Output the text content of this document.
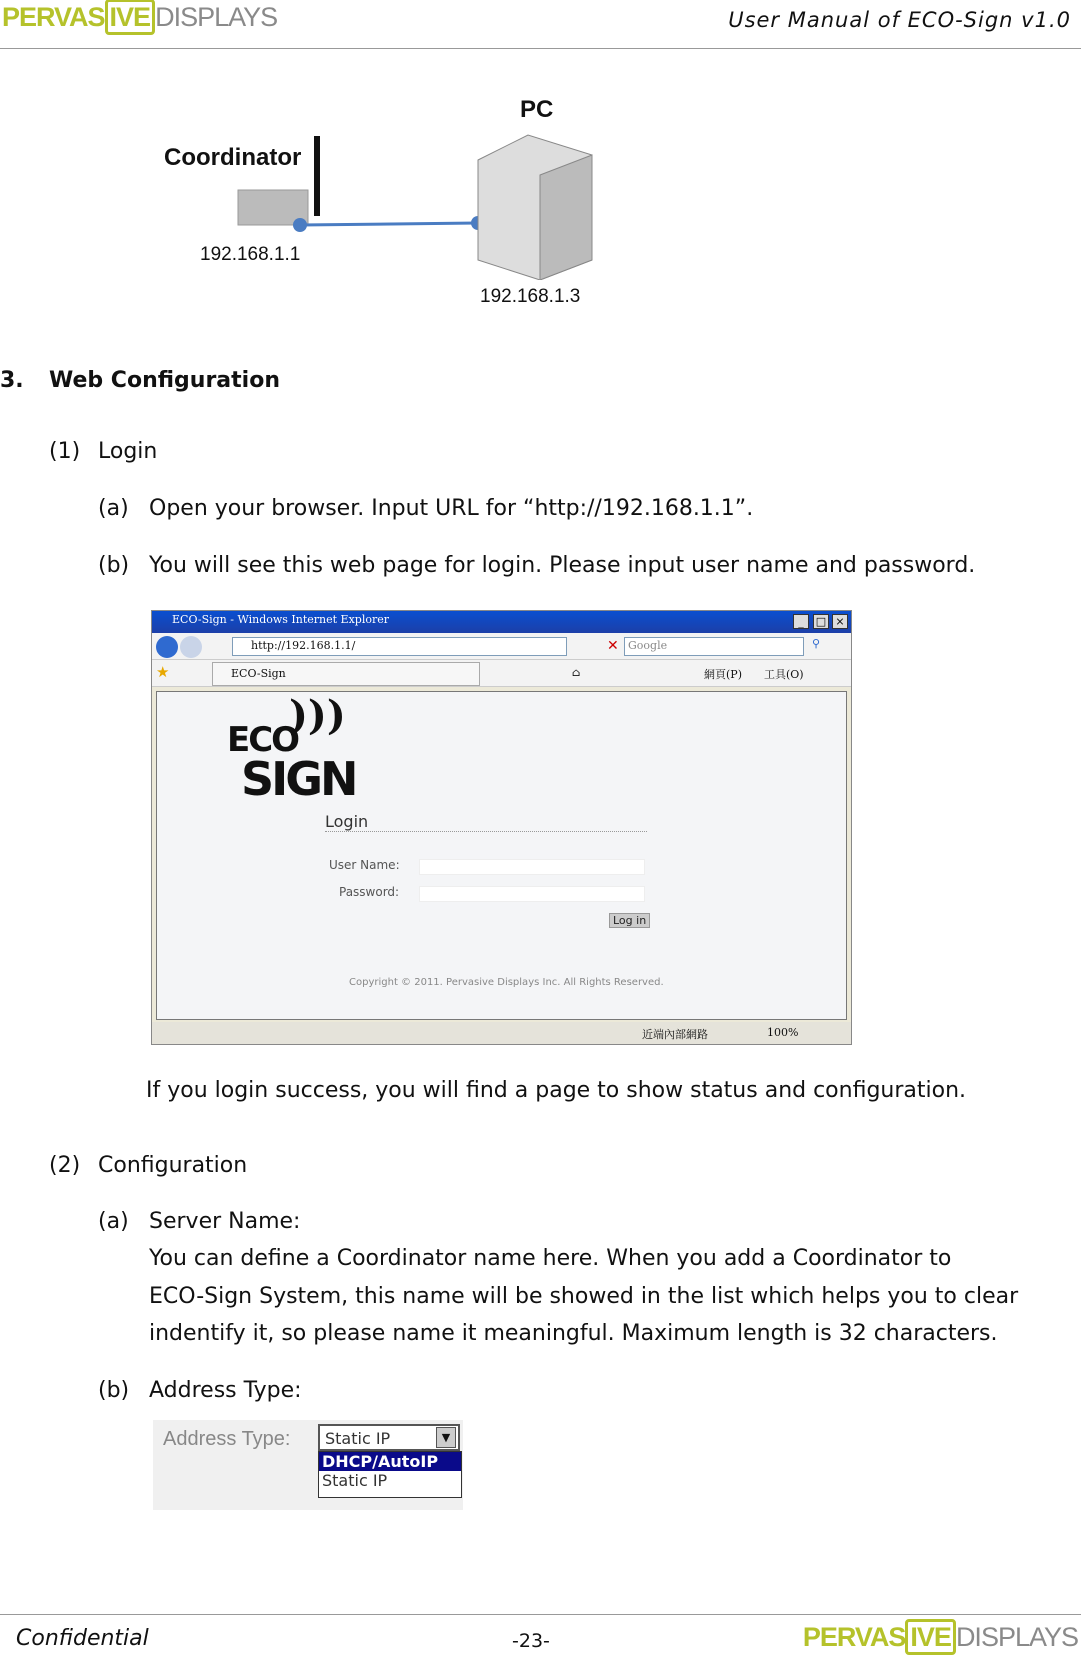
PERVAS IVE DISPLAYS	User Manual of ECO-Sign v1.0
Coordinator
192.168.1.1
PC
192.168.1.3
3. Web Configuration
(1) Login
(a) Open your browser. Input URL for “http://192.168.1.1”.
(b) You will see this web page for login. Please input user name and password.
ECO-Sign - Windows Internet Explorer	_	□ ×
http://192.168.1.1/	✕ Google	⚲
★	ECO-Sign	⌂	網頁(P) 工具(O)
ECO
SIGN
)))
Login
User Name:
Password:
Log in
Copyright © 2011. Pervasive Displays Inc. All Rights Reserved.
近端內部網路	100%
If you login success, you will find a page to show status and configuration.
(2) Configuration
(a) Server Name:
You can define a Coordinator name here. When you add a Coordinator to
ECO-Sign System, this name will be showed in the list which helps you to clear
indentify it, so please name it meaningful. Maximum length is 32 characters.
(b) Address Type:
Address Type:	Static IP	▼
DHCP/AutoIP
Static IP
Confidential	-23-	PERVAS IVE DISPLAYS
